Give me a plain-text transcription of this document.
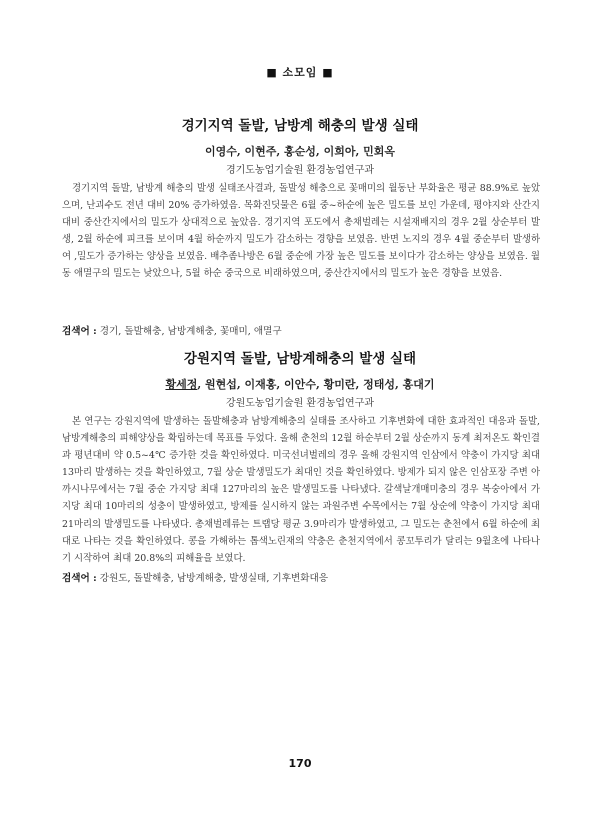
■ 소모임 ■
경기지역 돌발, 남방계 해충의 발생 실태
이영수, 이현주, 홍순성, 이희아, 민회옥
경기도농업기술원 환경농업연구과

경기지역 돌발, 남방계 해충의 발생 실태조사결과, 돌발성 해충으로 꽃매미의 월동난 부화율은 평균 88.9%로 높았으며, 난괴수도 전년 대비 20% 증가하였음. 목화진딧물은 6월 중~하순에 높은 밀도를 보인 가운데, 평야지와 산간지 대비 중산간지에서의 밀도가 상대적으로 높았음. 경기지역 포도에서 총채벌레는 시설재배지의 경우 2월 상순부터 발생, 2월 하순에 피크를 보이며 4월 하순까지 밀도가 감소하는 경향을 보였음. 반면 노지의 경우 4월 중순부터 발생하여 ,밀도가 증가하는 양상을 보였음. 배추좀나방은 6월 중순에 가장 높은 밀도를 보이다가 감소하는 양상을 보였음. 월동 애멸구의 밀도는 낮았으나, 5월 하순 중국으로 비래하였으며, 중산간지에서의 밀도가 높은 경향을 보였음.

검색어 : 경기, 돌발해충, 남방계해충, 꽃매미, 애멸구
강원지역 돌발, 남방계해충의 발생 실태
황세정, 원현섭, 이재홍, 이안수, 황미란, 정태성, 홍대기
강원도농업기술원 환경농업연구과

본 연구는 강원지역에 발생하는 돌발해충과 남방계해충의 실태를 조사하고 기후변화에 대한 효과적인 대응과 돌발, 남방계해충의 피해양상을 확립하는데 목표를 두었다. 올해 춘천의 12월 하순부터 2월 상순까지 동계 최저온도 확인결과 평년대비 약 0.5~4℃ 증가한 것을 확인하였다. 미국선녀벌레의 경우 올해 강원지역 인삼에서 약충이 가지당 최대 13마리 발생하는 것을 확인하였고, 7월 상순 발생밀도가 최대인 것을 확인하였다. 방제가 되지 않은 인삼포장 주변 아까시나무에서는 7월 중순 가지당 최대 127마리의 높은 발생밀도를 나타냈다. 갈색날개매미충의 경우 복숭아에서 가지당 최대 10마리의 성충이 발생하였고, 방제를 실시하지 않는 과원주변 수목에서는 7월 상순에 약충이 가지당 최대 21마리의 발생밀도를 나타냈다. 총채벌레류는 트랩당 평균 3.9마리가 발생하였고, 그 밀도는 춘천에서 6월 하순에 최대로 나타는 것을 확인하였다. 콩을 가해하는 톱색노린재의 약충은 춘천지역에서 콩꼬투리가 달리는 9월초에 나타나기 시작하여 최대 20.8%의 피해율을 보였다.

검색어 : 강원도, 돌발해충, 남방계해충, 발생실태, 기후변화대응
170
